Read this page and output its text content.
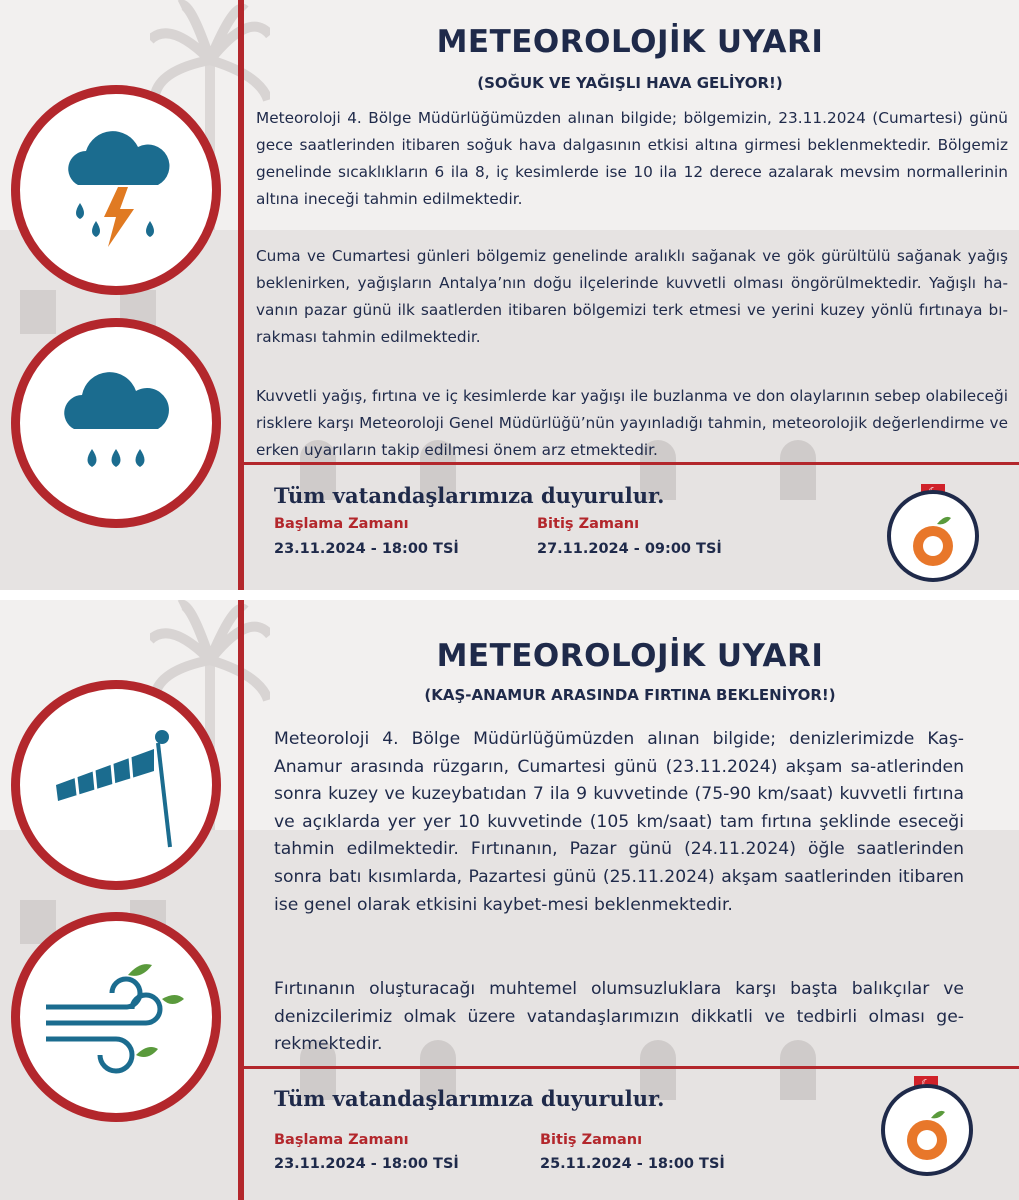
METEOROLOJİK UYARI
(SOĞUK VE YAĞIŞLI HAVA GELİYOR!)
Meteoroloji 4. Bölge Müdürlüğümüzden alınan bilgide; bölgemizin, 23.11.2024 (Cumartesi) günü gece saatlerinden itibaren soğuk hava dalgasının etkisi altına girmesi beklenmektedir. Bölgemiz genelinde sıcaklıkların 6 ila 8, iç kesimlerde ise 10 ila 12 derece azalarak mevsim normallerinin altına ineceği tahmin edilmektedir.
Cuma ve Cumartesi günleri bölgemiz genelinde aralıklı sağanak ve gök gürültülü sağanak yağış beklenirken, yağışların Antalya’nın doğu ilçelerinde kuvvetli olması öngörülmektedir. Yağışlı ha-vanın pazar günü ilk saatlerden itibaren bölgemizi terk etmesi ve yerini kuzey yönlü fırtınaya bı-rakması tahmin edilmektedir.
Kuvvetli yağış, fırtına ve iç kesimlerde kar yağışı ile buzlanma ve don olaylarının sebep olabileceği risklere karşı Meteoroloji Genel Müdürlüğü’nün yayınladığı tahmin, meteorolojik değerlendirme ve erken uyarıların takip edilmesi önem arz etmektedir.
Tüm vatandaşlarımıza duyurulur.
Başlama Zamanı
23.11.2024 - 18:00 TSİ
Bitiş Zamanı
27.11.2024 - 09:00 TSİ
METEOROLOJİK UYARI
(KAŞ-ANAMUR ARASINDA FIRTINA BEKLENİYOR!)
Meteoroloji 4. Bölge Müdürlüğümüzden alınan bilgide; denizlerimizde Kaş-Anamur arasında rüzgarın, Cumartesi günü (23.11.2024) akşam sa-atlerinden sonra kuzey ve kuzeybatıdan 7 ila 9 kuvvetinde (75-90 km/saat) kuvvetli fırtına ve açıklarda yer yer 10 kuvvetinde (105 km/saat) tam fırtına şeklinde eseceği tahmin edilmektedir. Fırtınanın, Pazar günü (24.11.2024) öğle saatlerinden sonra batı kısımlarda, Pazartesi günü (25.11.2024) akşam saatlerinden itibaren ise genel olarak etkisini kaybet-mesi beklenmektedir.
Fırtınanın oluşturacağı muhtemel olumsuzluklara karşı başta balıkçılar ve denizcilerimiz olmak üzere vatandaşlarımızın dikkatli ve tedbirli olması ge-rekmektedir.
Tüm vatandaşlarımıza duyurulur.
Başlama Zamanı
23.11.2024 - 18:00 TSİ
Bitiş Zamanı
25.11.2024 - 18:00 TSİ
